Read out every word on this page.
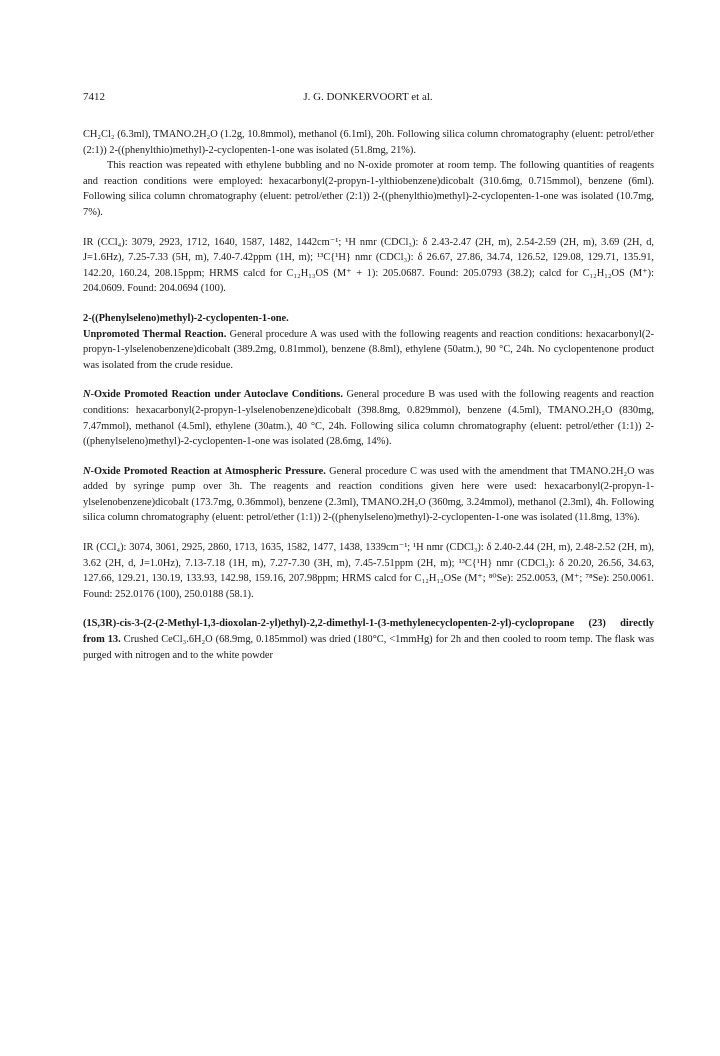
7412	J. G. DONKERVOORT et al.

CH₂Cl₂ (6.3ml), TMANO.2H₂O (1.2g, 10.8mmol), methanol (6.1ml), 20h. Following silica column chromatography (eluent: petrol/ether (2:1)) 2-((phenylthio)methyl)-2-cyclopenten-1-one was isolated (51.8mg, 21%).

This reaction was repeated with ethylene bubbling and no N-oxide promoter at room temp. The following quantities of reagents and reaction conditions were employed: hexacarbonyl(2-propyn-1-ylthiobenzene)dicobalt (310.6mg, 0.715mmol), benzene (6ml). Following silica column chromatography (eluent: petrol/ether (2:1)) 2-((phenylthio)methyl)-2-cyclopenten-1-one was isolated (10.7mg, 7%).

IR (CCl₄): 3079, 2923, 1712, 1640, 1587, 1482, 1442cm⁻¹; ¹H nmr (CDCl₃): δ 2.43-2.47 (2H, m), 2.54-2.59 (2H, m), 3.69 (2H, d, J=1.6Hz), 7.25-7.33 (5H, m), 7.40-7.42ppm (1H, m); ¹³C{¹H} nmr (CDCl₃): δ 26.67, 27.86, 34.74, 126.52, 129.08, 129.71, 135.91, 142.20, 160.24, 208.15ppm; HRMS calcd for C₁₂H₁₃OS (M⁺ + 1): 205.0687. Found: 205.0793 (38.2); calcd for C₁₂H₁₂OS (M⁺): 204.0609. Found: 204.0694 (100).

2-((Phenylseleno)methyl)-2-cyclopenten-1-one.

Unpromoted Thermal Reaction. General procedure A was used with the following reagents and reaction conditions: hexacarbonyl(2-propyn-1-ylselenobenzene)dicobalt (389.2mg, 0.81mmol), benzene (8.8ml), ethylene (50atm.), 90 °C, 24h. No cyclopentenone product was isolated from the crude residue.

N-Oxide Promoted Reaction under Autoclave Conditions. General procedure B was used with the following reagents and reaction conditions: hexacarbonyl(2-propyn-1-ylselenobenzene)dicobalt (398.8mg, 0.829mmol), benzene (4.5ml), TMANO.2H₂O (830mg, 7.47mmol), methanol (4.5ml), ethylene (30atm.), 40 °C, 24h. Following silica column chromatography (eluent: petrol/ether (1:1)) 2-((phenylseleno)methyl)-2-cyclopenten-1-one was isolated (28.6mg, 14%).

N-Oxide Promoted Reaction at Atmospheric Pressure. General procedure C was used with the amendment that TMANO.2H₂O was added by syringe pump over 3h. The reagents and reaction conditions given here were used: hexacarbonyl(2-propyn-1-ylselenobenzene)dicobalt (173.7mg, 0.36mmol), benzene (2.3ml), TMANO.2H₂O (360mg, 3.24mmol), methanol (2.3ml), 4h. Following silica column chromatography (eluent: petrol/ether (1:1)) 2-((phenylseleno)methyl)-2-cyclopenten-1-one was isolated (11.8mg, 13%).

IR (CCl₄): 3074, 3061, 2925, 2860, 1713, 1635, 1582, 1477, 1438, 1339cm⁻¹; ¹H nmr (CDCl₃): δ 2.40-2.44 (2H, m), 2.48-2.52 (2H, m), 3.62 (2H, d, J=1.0Hz), 7.13-7.18 (1H, m), 7.27-7.30 (3H, m), 7.45-7.51ppm (2H, m); ¹³C{¹H} nmr (CDCl₃): δ 20.20, 26.56, 34.63, 127.66, 129.21, 130.19, 133.93, 142.98, 159.16, 207.98ppm; HRMS calcd for C₁₂H₁₂OSe (M⁺; ⁸⁰Se): 252.0053, (M⁺; ⁷⁸Se): 250.0061. Found: 252.0176 (100), 250.0188 (58.1).

(1S,3R)-cis-3-(2-(2-Methyl-1,3-dioxolan-2-yl)ethyl)-2,2-dimethyl-1-(3-methylenecyclopenten-2-yl)-cyclopropane (23) directly from 13. Crushed CeCl₃.6H₂O (68.9mg, 0.185mmol) was dried (180°C, <1mmHg) for 2h and then cooled to room temp. The flask was purged with nitrogen and to the white powder
